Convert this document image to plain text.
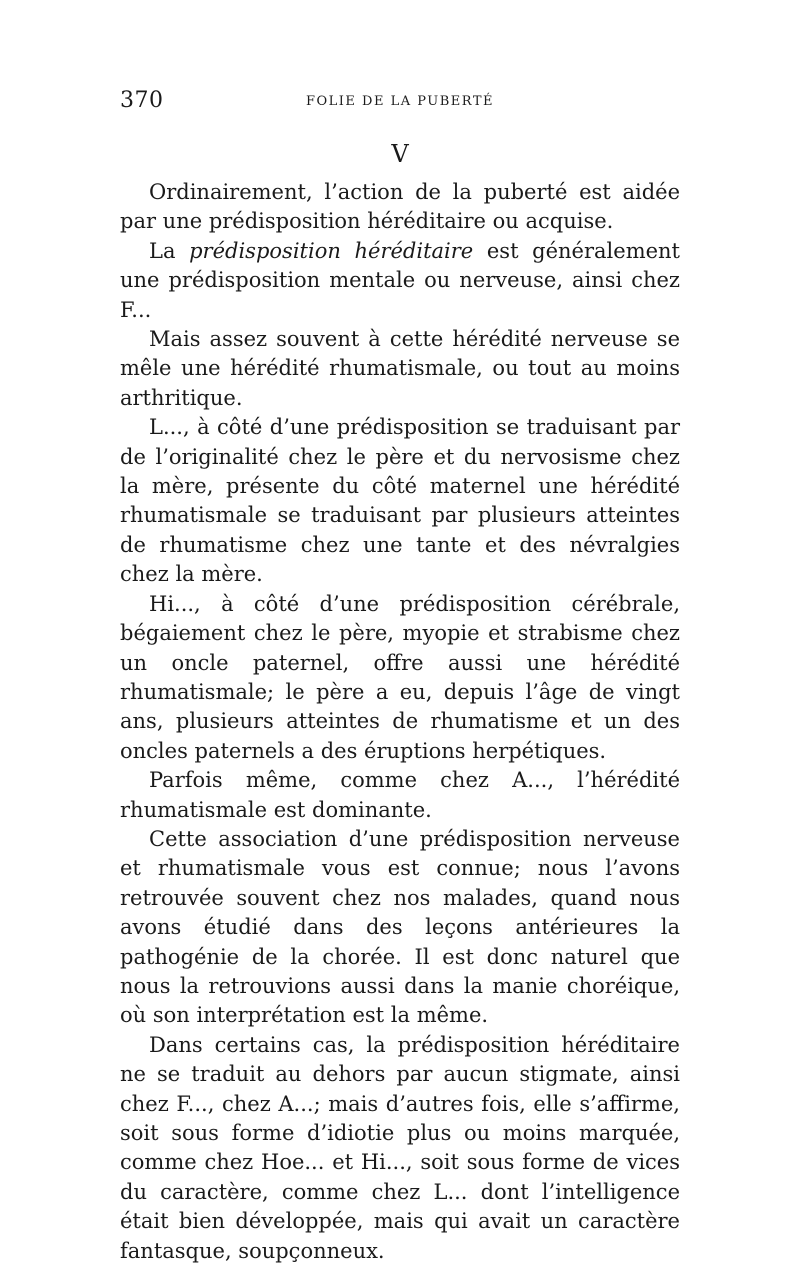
370	FOLIE DE LA PUBERTÉ
V

Ordinairement, l’action de la puberté est aidée par une prédisposition héréditaire ou acquise.

La prédisposition héréditaire est généralement une prédisposition mentale ou nerveuse, ainsi chez F...

Mais assez souvent à cette hérédité nerveuse se mêle une hérédité rhumatismale, ou tout au moins arthritique.

L..., à côté d’une prédisposition se traduisant par de l’originalité chez le père et du nervosisme chez la mère, présente du côté maternel une hérédité rhumatismale se traduisant par plusieurs atteintes de rhumatisme chez une tante et des névralgies chez la mère.

Hi..., à côté d’une prédisposition cérébrale, bégaiement chez le père, myopie et strabisme chez un oncle paternel, offre aussi une hérédité rhumatismale; le père a eu, depuis l’âge de vingt ans, plusieurs atteintes de rhumatisme et un des oncles paternels a des éruptions herpétiques.

Parfois même, comme chez A..., l’hérédité rhumatismale est dominante.

Cette association d’une prédisposition nerveuse et rhumatismale vous est connue; nous l’avons retrouvée souvent chez nos malades, quand nous avons étudié dans des leçons antérieures la pathogénie de la chorée. Il est donc naturel que nous la retrouvions aussi dans la manie choréique, où son interprétation est la même.

Dans certains cas, la prédisposition héréditaire ne se traduit au dehors par aucun stigmate, ainsi chez F..., chez A...; mais d’autres fois, elle s’affirme, soit sous forme d’idiotie plus ou moins marquée, comme chez Hoe... et Hi..., soit sous forme de vices du caractère, comme chez L... dont l’intelligence était bien développée, mais qui avait un caractère fantasque, soupçonneux.
